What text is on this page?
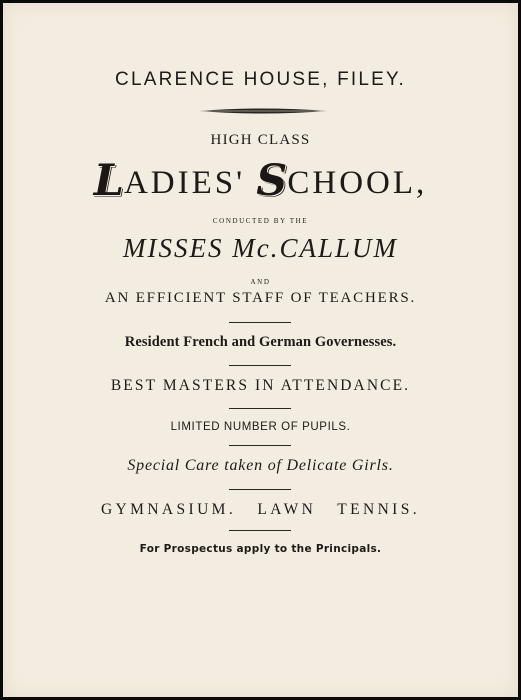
CLARENCE HOUSE, FILEY.
HIGH CLASS
LADIES' SCHOOL,
CONDUCTED BY THE
MISSES Mc.CALLUM
AND
AN EFFICIENT STAFF OF TEACHERS.
Resident French and German Governesses.
BEST MASTERS IN ATTENDANCE.
LIMITED NUMBER OF PUPILS.
Special Care taken of Delicate Girls.
GYMNASIUM. LAWN TENNIS.
For Prospectus apply to the Principals.
